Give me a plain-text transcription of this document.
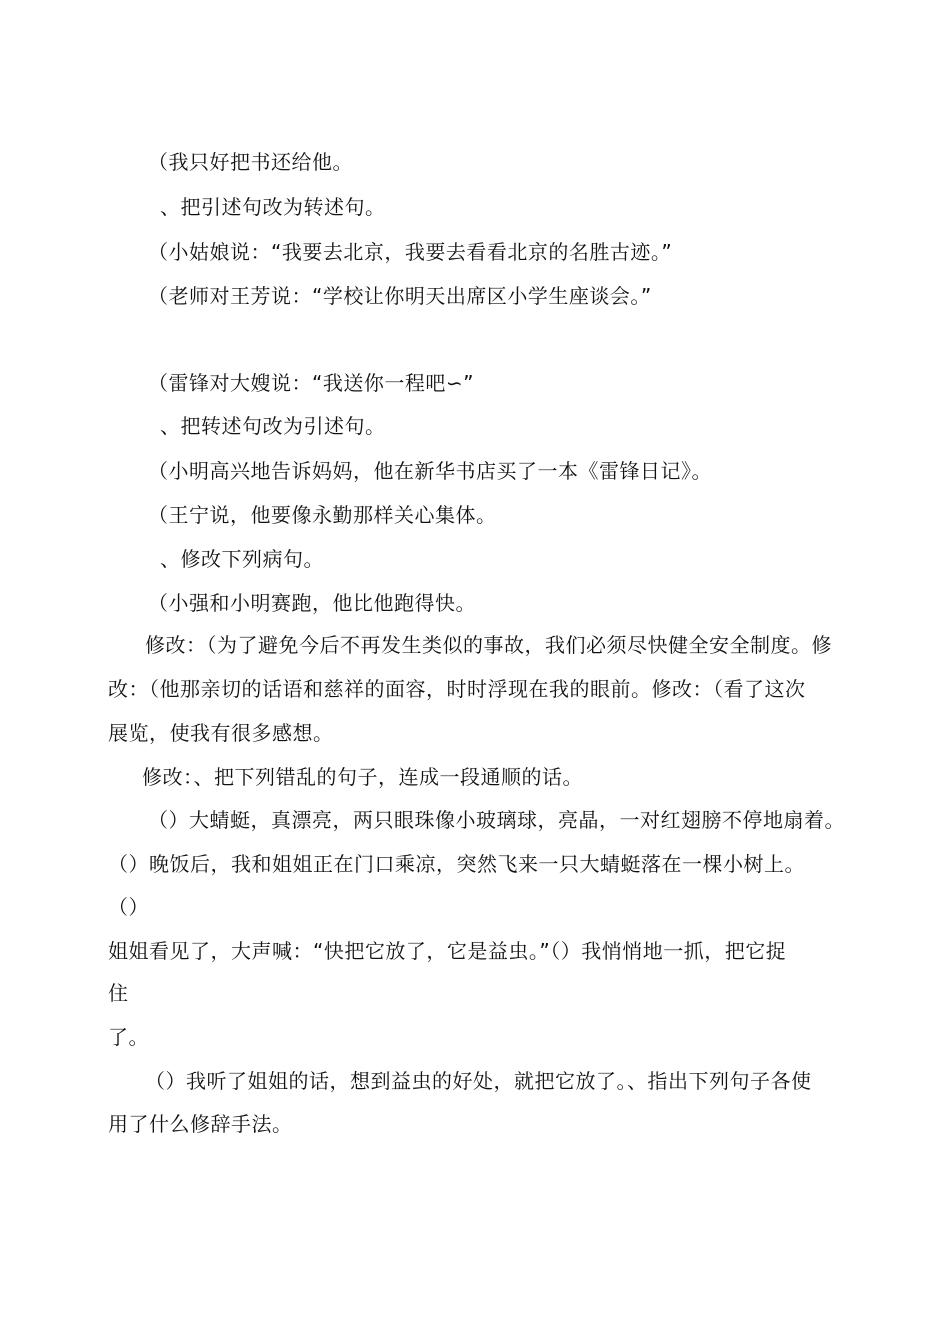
（我只好把书还给他。
、把引述句改为转述句。
（小姑娘说：“我要去北京，我要去看看北京的名胜古迹。”
（老师对王芳说：“学校让你明天出席区小学生座谈会。”
（雷锋对大嫂说：“我送你一程吧∽”
、把转述句改为引述句。
（小明高兴地告诉妈妈，他在新华书店买了一本《雷锋日记》。
（王宁说，他要像永勤那样关心集体。
、修改下列病句。
（小强和小明赛跑，他比他跑得快。
修改：（为了避免今后不再发生类似的事故，我们必须尽快健全安全制度。修
改：（他那亲切的话语和慈祥的面容，时时浮现在我的眼前。修改：（看了这次
展览，使我有很多感想。
修改：、把下列错乱的句子，连成一段通顺的话。
（）大蜻蜓，真漂亮，两只眼珠像小玻璃球，亮晶，一对红翅膀不停地扇着。
（）晚饭后，我和姐姐正在门口乘凉，突然飞来一只大蜻蜓落在一棵小树上。
（）
姐姐看见了，大声喊：“快把它放了，它是益虫。”（）我悄悄地一抓，把它捉
住
了。
（）我听了姐姐的话，想到益虫的好处，就把它放了。、指出下列句子各使
用了什么修辞手法。
